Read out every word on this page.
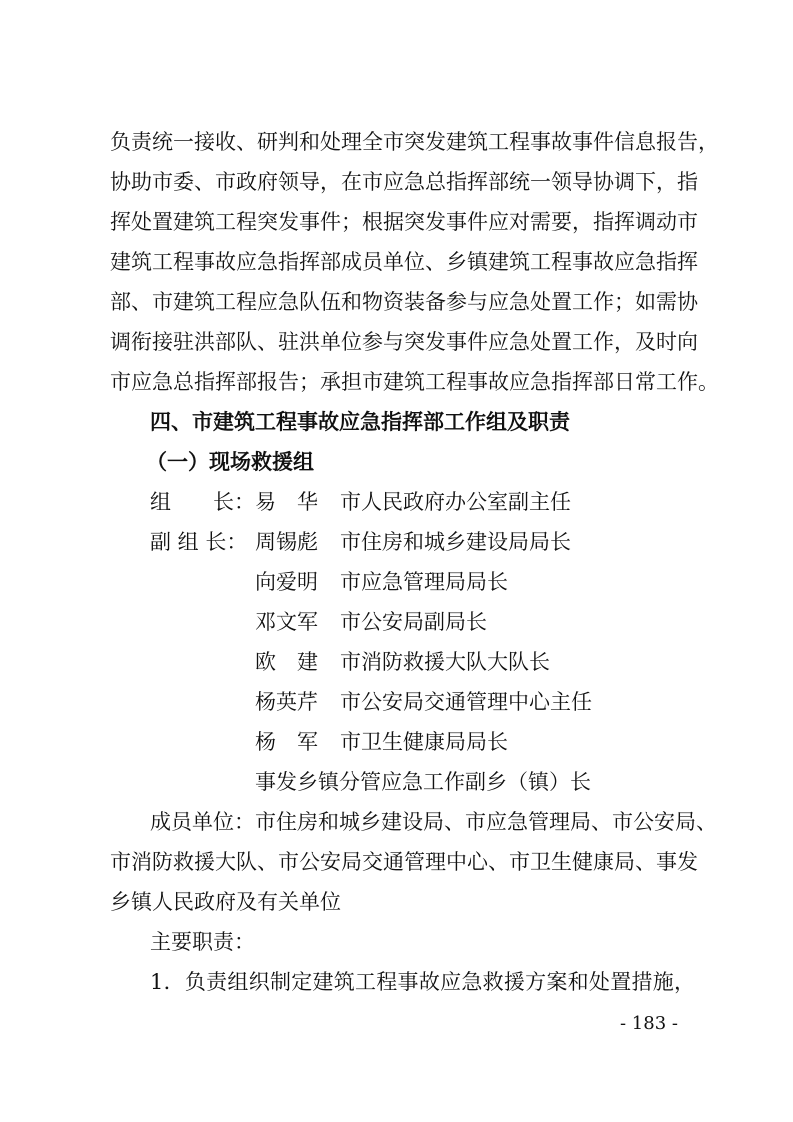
负责统一接收、研判和处理全市突发建筑工程事故事件信息报告，
协助市委、市政府领导，在市应急总指挥部统一领导协调下，指
挥处置建筑工程突发事件；根据突发事件应对需要，指挥调动市
建筑工程事故应急指挥部成员单位、乡镇建筑工程事故应急指挥
部、市建筑工程应急队伍和物资装备参与应急处置工作；如需协
调衔接驻洪部队、驻洪单位参与突发事件应急处置工作，及时向
市应急总指挥部报告；承担市建筑工程事故应急指挥部日常工作。
四、市建筑工程事故应急指挥部工作组及职责
（一）现场救援组
组　　长： 易　华 市人民政府办公室副主任
副 组 长： 周锡彪 市住房和城乡建设局局长
向爱明 市应急管理局局长
邓文军 市公安局副局长
欧　建 市消防救援大队大队长
杨英芹 市公安局交通管理中心主任
杨　军 市卫生健康局局长
事发乡镇分管应急工作副乡（镇）长
成员单位：市住房和城乡建设局、市应急管理局、市公安局、
市消防救援大队、市公安局交通管理中心、市卫生健康局、事发
乡镇人民政府及有关单位
主要职责：
1．负责组织制定建筑工程事故应急救援方案和处置措施，
- 183 -
